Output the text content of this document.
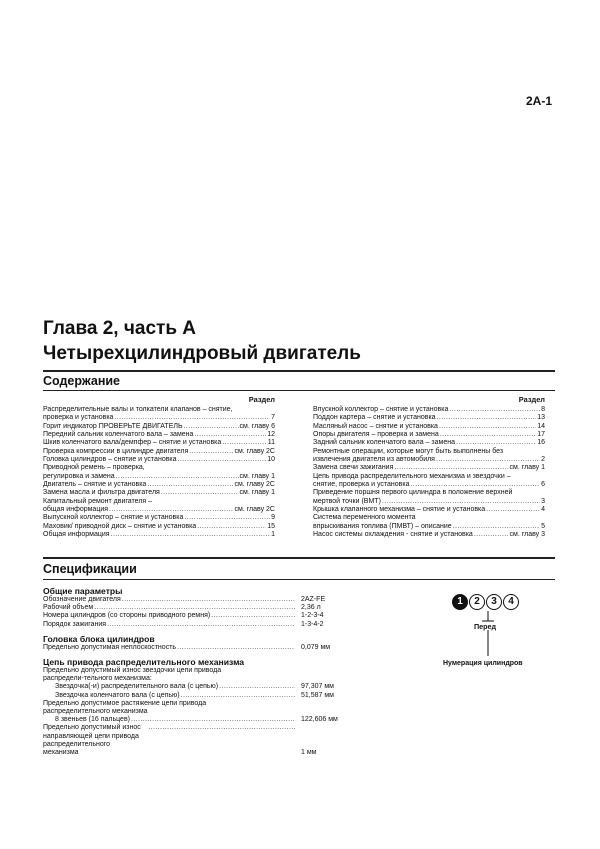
2A-1
Глава 2, часть А
Четырехцилиндровый двигатель
Содержание
Раздел
Распределительные валы и толкатели клапанов – снятие,
проверка и установка .....	7
Горит индикатор ПРОВЕРЬТЕ ДВИГАТЕЛЬ .....	см. главу 6
Передний сальник коленчатого вала – замена .....	12
Шкив коленчатого вала/демпфер – снятие и установка .....	11
Проверка компрессии в цилиндре двигателя .....	см. главу 2C
Головка цилиндров – снятие и установка .....	10
Приводной ремень – проверка,
регулировка и замена .....	см. главу 1
Двигатель – снятие и установка .....	см. главу 2C
Замена масла и фильтра двигателя .....	см. главу 1
Капитальный ремонт двигателя –
общая информация .....	см. главу 2C
Выпускной коллектор – снятие и установка .....	9
Маховик/ приводной диск – снятие и установка .....	15
Общая информация .....	1
Раздел
Впускной коллектор – снятие и установка .....	8
Поддон картера – снятие и установка .....	13
Масляный насос – снятие и установка .....	14
Опоры двигателя – проверка и замена .....	17
Задний сальник коленчатого вала – замена .....	16
Ремонтные операции, которые могут быть выполнены без
извлечения двигателя из автомобиля .....	2
Замена свечи зажигания .....	см. главу 1
Цепь привода распределительного механизма и звездочки –
снятие, проверка и установка .....	6
Приведение поршня первого цилиндра в положение верхней
мертвой точки (ВМТ) .....	3
Крышка клапанного механизма – снятие и установка .....	4
Система переменного момента
впрыскивания топлива (ПМВТ) – описание .....	5
Насос системы охлаждения - снятие и установка .....	см. главу 3
Спецификации
Общие параметры
Обозначение двигателя .....	2AZ-FE
Рабочий объем .....	2,36 л
Номера цилиндров (со стороны приводного ремня) .....	1-2-3-4
Порядок зажигания .....	1-3-4-2
Головка блока цилиндров
Предельно допустимая неплоскостность .....	0,079 мм
Цепь привода распределительного механизма
Предельно допустимый износ звездочки цепи привода распредели-тельного механизма:
Звездочка(-и) распределительного вала (с цепью) .....	97,307 мм
Звездочка коленчатого вала (с цепью) .....	51,587 мм
Предельно допустимое растяжение цепи привода распределительного механизма
8 звеньев (16 пальцев) .....	122,606 мм
Предельно допустимый износ направляющей цепи привода распределительного механизма
.....	1 мм
1	2	3	4
Перед
Нумерация цилиндров
